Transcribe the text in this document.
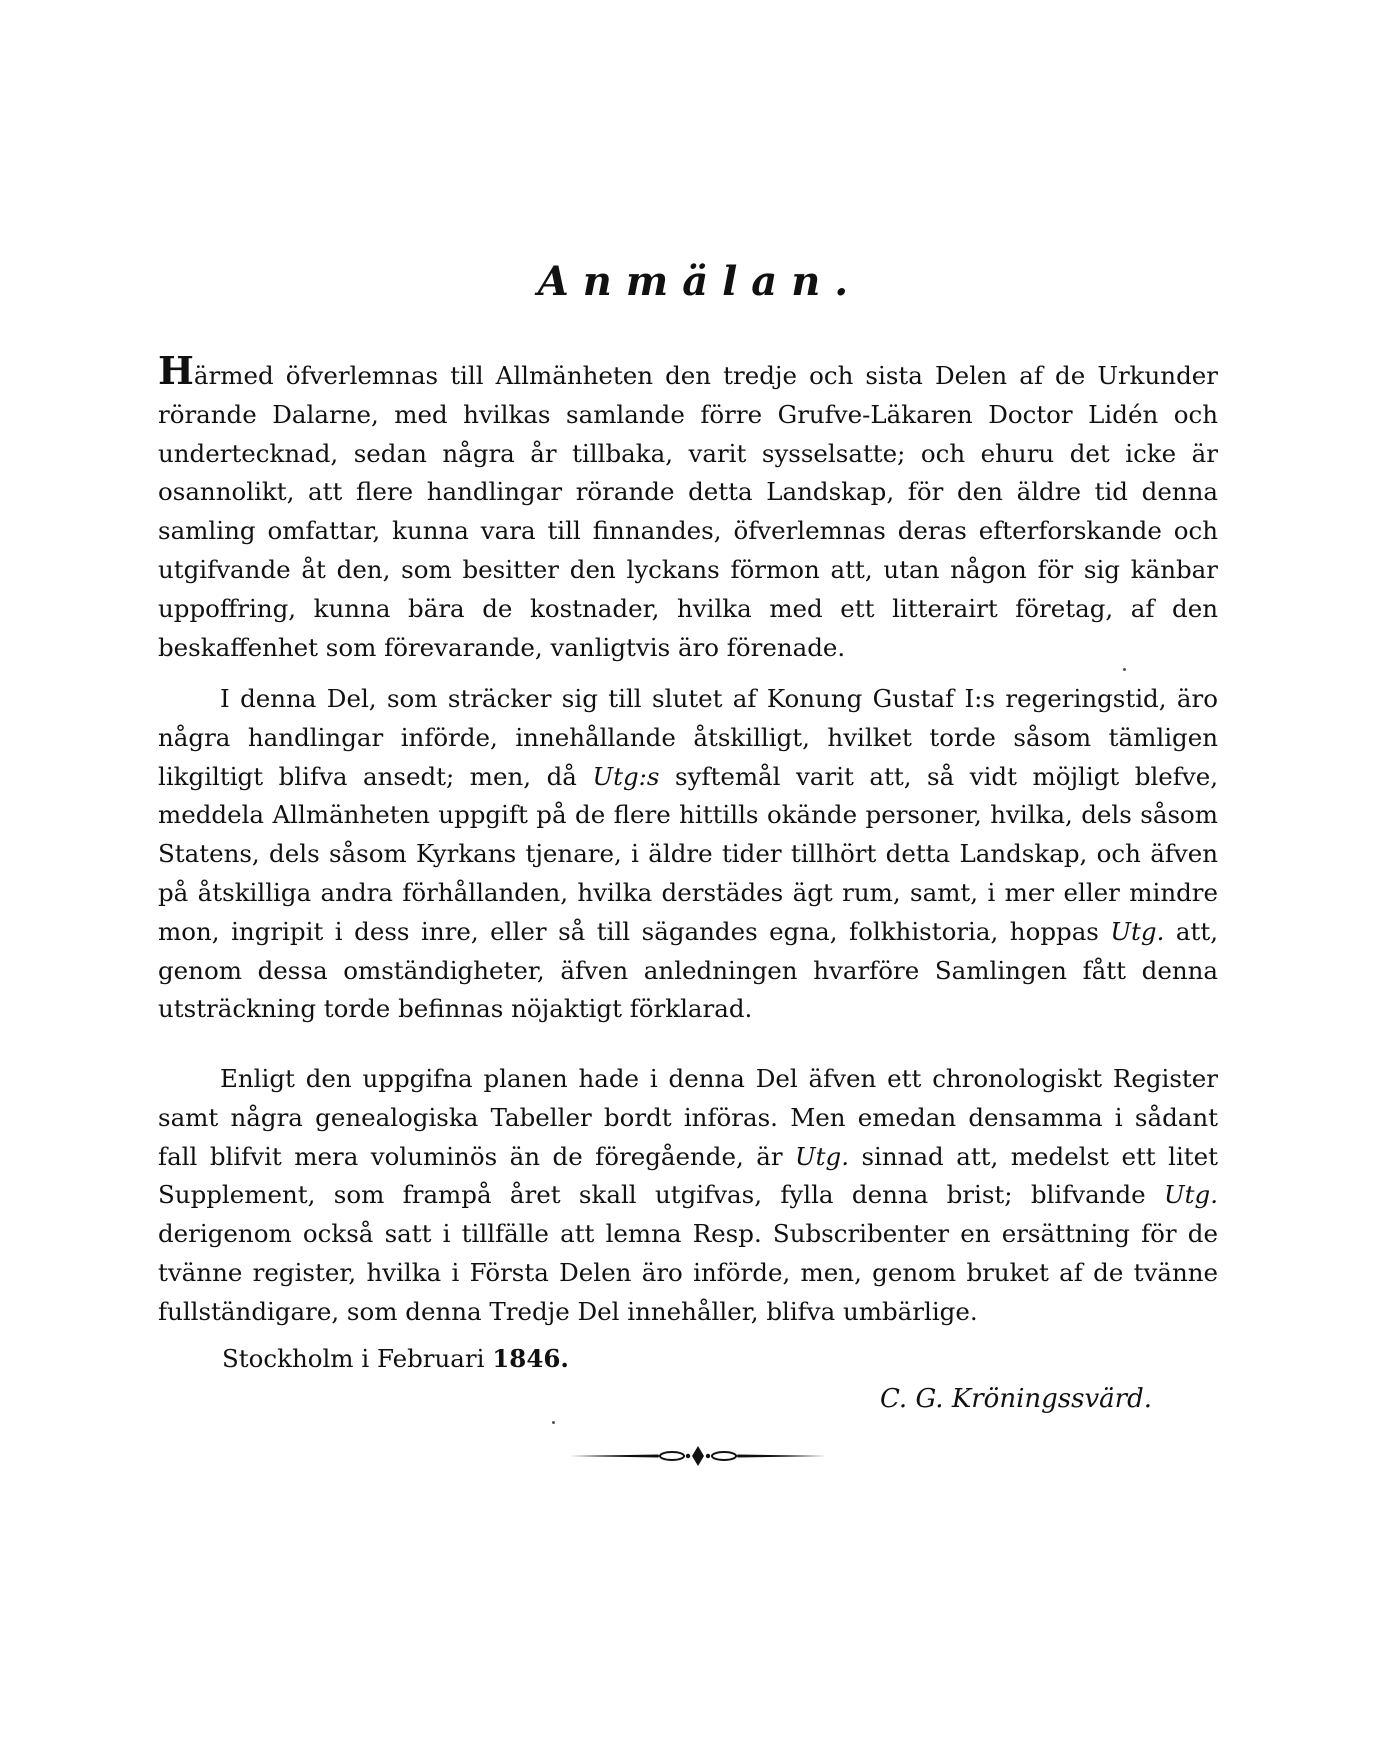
Anmälan.

Härmed öfverlemnas till Allmänheten den tredje och sista Delen af de Urkunder rörande Dalarne, med hvilkas samlande förre Grufve-Läkaren Doctor Lidén och undertecknad, sedan några år tillbaka, varit sysselsatte; och ehuru det icke är osannolikt, att flere handlingar rörande detta Landskap, för den äldre tid denna samling omfattar, kunna vara till finnandes, öfverlemnas deras efterforskande och utgifvande åt den, som besitter den lyckans förmon att, utan någon för sig känbar uppoffring, kunna bära de kostnader, hvilka med ett litterairt företag, af den beskaffenhet som förevarande, vanligtvis äro förenade.

I denna Del, som sträcker sig till slutet af Konung Gustaf I:s regeringstid, äro några handlingar införde, innehållande åtskilligt, hvilket torde såsom tämligen likgiltigt blifva ansedt; men, då Utg:s syftemål varit att, så vidt möjligt blefve, meddela Allmänheten uppgift på de flere hittills okände personer, hvilka, dels såsom Statens, dels såsom Kyrkans tjenare, i äldre tider tillhört detta Landskap, och äfven på åtskilliga andra förhållanden, hvilka derstädes ägt rum, samt, i mer eller mindre mon, ingripit i dess inre, eller så till sägandes egna, folkhistoria, hoppas Utg. att, genom dessa omständigheter, äfven anledningen hvarföre Samlingen fått denna utsträckning torde befinnas nöjaktigt förklarad.

Enligt den uppgifna planen hade i denna Del äfven ett chronologiskt Register samt några genealogiska Tabeller bordt införas. Men emedan densamma i sådant fall blifvit mera voluminös än de föregående, är Utg. sinnad att, medelst ett litet Supplement, som frampå året skall utgifvas, fylla denna brist; blifvande Utg. derigenom också satt i tillfälle att lemna Resp. Subscribenter en ersättning för de tvänne register, hvilka i Första Delen äro införde, men, genom bruket af de tvänne fullständigare, som denna Tredje Del innehåller, blifva umbärlige.

Stockholm i Februari 1846.

C. G. Kröningssvärd.
